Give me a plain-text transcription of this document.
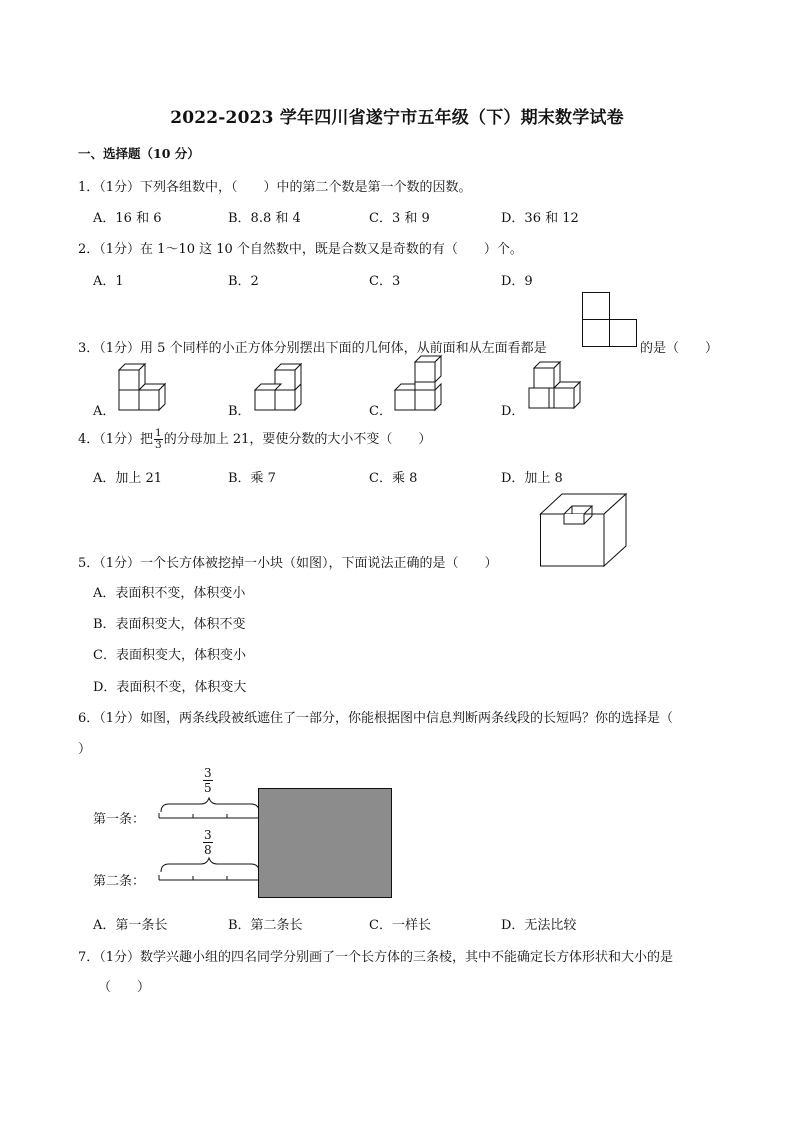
2022-2023 学年四川省遂宁市五年级（下）期末数学试卷
一、选择题（10 分）
1．（1分）下列各组数中，（　　）中的第二个数是第一个数的因数。
A．16 和 6	B．8.8 和 4	C．3 和 9	D．36 和 12
2．（1分）在 1～10 这 10 个自然数中，既是合数又是奇数的有（　　）个。
A．1	B．2	C．3	D．9
3．（1分）用 5 个同样的小正方体分别摆出下面的几何体，从前面和从左面看都是	的是（　　）
A．	B．	C．	D．
4．（1分）把 $\frac{1}{3}$ 的分母加上 21，要使分数的大小不变（　　）
A．加上 21	B．乘 7	C．乘 8	D．加上 8
5．（1分）一个长方体被挖掉一小块（如图），下面说法正确的是（　　）
A．表面积不变，体积变小
B．表面积变大，体积不变
C．表面积变大，体积变小
D．表面积不变，体积变大
6．（1分）如图，两条线段被纸遮住了一部分，你能根据图中信息判断两条线段的长短吗？你的选择是（
）
第一条：
第二条：
$\frac{3}{5}$
$\frac{3}{8}$
A．第一条长	B．第二条长	C．一样长	D．无法比较
7．（1分）数学兴趣小组的四名同学分别画了一个长方体的三条棱，其中不能确定长方体形状和大小的是
（　　）
